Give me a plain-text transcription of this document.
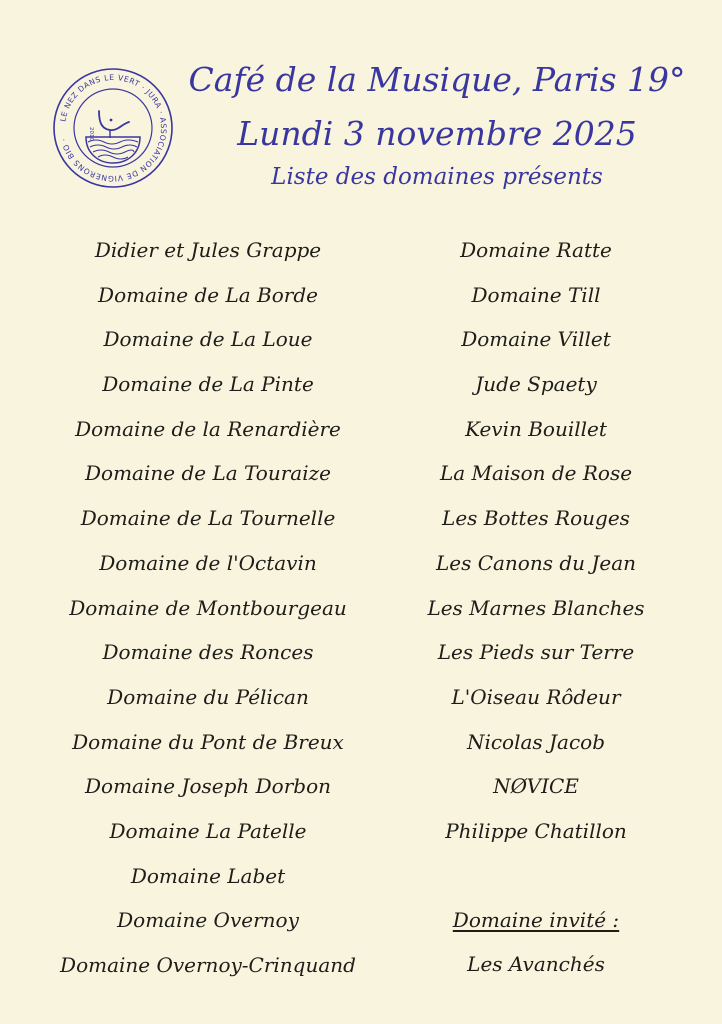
LE NEZ DANS LE VERT · JURA · ASSOCIATION DE VIGNERONS BIO ·	2010
Café de la Musique, Paris 19°
Lundi 3 novembre 2025
Liste des domaines présents
Didier et Jules Grappe
Domaine de La Borde
Domaine de La Loue
Domaine de La Pinte
Domaine de la Renardière
Domaine de La Touraize
Domaine de La Tournelle
Domaine de l'Octavin
Domaine de Montbourgeau
Domaine des Ronces
Domaine du Pélican
Domaine du Pont de Breux
Domaine Joseph Dorbon
Domaine La Patelle
Domaine Labet
Domaine Overnoy
Domaine Overnoy-Crinquand
Domaine Ratte
Domaine Till
Domaine Villet
Jude Spaety
Kevin Bouillet
La Maison de Rose
Les Bottes Rouges
Les Canons du Jean
Les Marnes Blanches
Les Pieds sur Terre
L'Oiseau Rôdeur
Nicolas Jacob
NØVICE
Philippe Chatillon
Domaine invité :
Les Avanchés
